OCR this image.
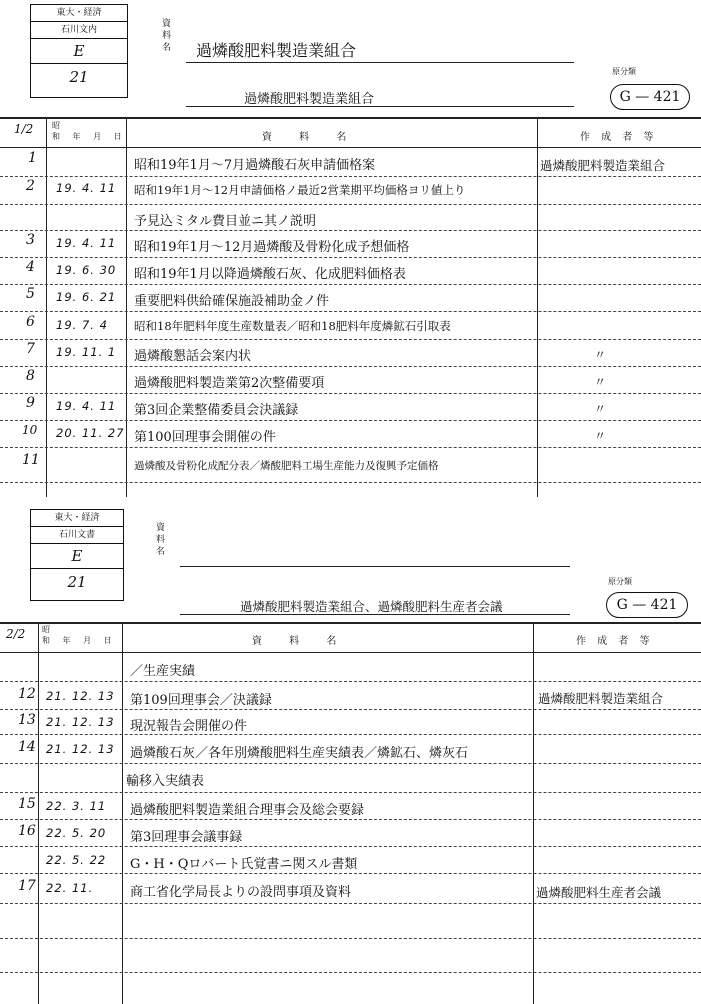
東大・経済
石川文内
E
21
資
料
名 過燐酸肥料製造業組合
原分類
G — 421
過燐酸肥料製造業組合
1/2 昭
和 年 月 日	資 料 名	作 成 者 等
1	昭和19年1月〜7月過燐酸石灰申請価格案	過燐酸肥料製造業組合
2 19. 4. 11 昭和19年1月〜12月申請価格ノ最近2営業期平均価格ヨリ値上り
予見込ミタル費目並ニ其ノ説明
3 19. 4. 11 昭和19年1月〜12月過燐酸及骨粉化成予想価格
4 19. 6. 30 昭和19年1月以降過燐酸石灰、化成肥料価格表
5 19. 6. 21 重要肥料供給確保施設補助金ノ件
6 19. 7. 4 昭和18年肥料年度生産数量表／昭和18肥料年度燐鉱石引取表
7 19. 11. 1 過燐酸懇話会案内状	〃
8	過燐酸肥料製造業第2次整備要項	〃
9 19. 4. 11 第3回企業整備委員会決議録	〃
10 20. 11. 27 第100回理事会開催の件	〃
11	過燐酸及骨粉化成配分表／燐酸肥料工場生産能力及復興予定価格
東大・経済
石川文書
E
21
資
料
名
原分類
G — 421
過燐酸肥料製造業組合、過燐酸肥料生産者会議
2/2 昭
和 年 月 日	資 料 名	作 成 者 等
／生産実績
12 21. 12. 13 第109回理事会／決議録	過燐酸肥料製造業組合
13 21. 12. 13 現況報告会開催の件
14 21. 12. 13 過燐酸石灰／各年別燐酸肥料生産実績表／燐鉱石、燐灰石
輸移入実績表
15 22. 3. 11 過燐酸肥料製造業組合理事会及総会要録
16 22. 5. 20 第3回理事会議事録
22. 5. 22 G・H・Qロバート氏覚書ニ関スル書類
17 22. 11.	商工省化学局長よりの設問事項及資料	過燐酸肥料生産者会議
